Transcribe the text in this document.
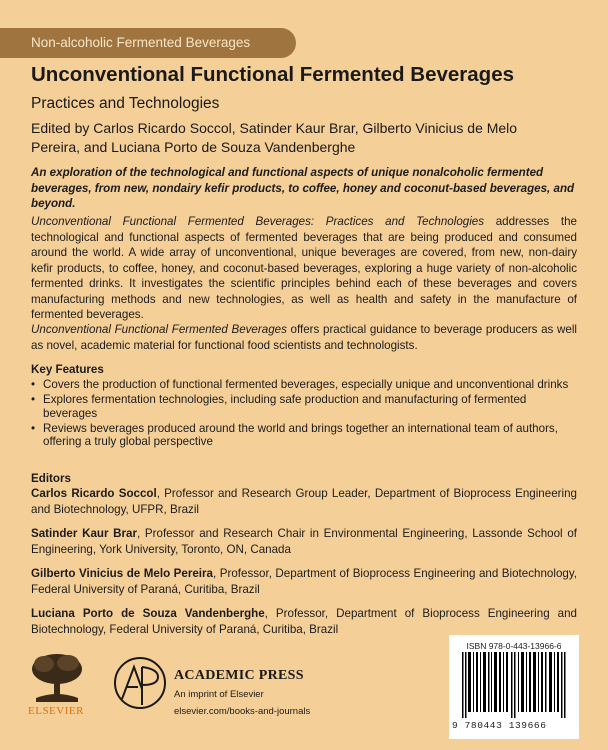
Non-alcoholic Fermented Beverages
Unconventional Functional Fermented Beverages
Practices and Technologies
Edited by Carlos Ricardo Soccol, Satinder Kaur Brar, Gilberto Vinicius de Melo Pereira, and Luciana Porto de Souza Vandenberghe
An exploration of the technological and functional aspects of unique nonalcoholic fermented beverages, from new, nondairy kefir products, to coffee, honey and coconut-based beverages, and beyond.
Unconventional Functional Fermented Beverages: Practices and Technologies addresses the technological and functional aspects of fermented beverages that are being produced and consumed around the world. A wide array of unconventional, unique beverages are covered, from new, non-dairy kefir products, to coffee, honey, and coconut-based beverages, exploring a huge variety of non-alcoholic fermented drinks. It investigates the scientific principles behind each of these beverages and covers manufacturing methods and new technologies, as well as health and safety in the manufacture of fermented beverages.
Unconventional Functional Fermented Beverages offers practical guidance to beverage producers as well as novel, academic material for functional food scientists and technologists.
Key Features
• Covers the production of functional fermented beverages, especially unique and unconventional drinks
• Explores fermentation technologies, including safe production and manufacturing of fermented beverages
• Reviews beverages produced around the world and brings together an international team of authors, offering a truly global perspective
Editors
Carlos Ricardo Soccol, Professor and Research Group Leader, Department of Bioprocess Engineering and Biotechnology, UFPR, Brazil
Satinder Kaur Brar, Professor and Research Chair in Environmental Engineering, Lassonde School of Engineering, York University, Toronto, ON, Canada
Gilberto Vinicius de Melo Pereira, Professor, Department of Bioprocess Engineering and Biotechnology, Federal University of Paraná, Curitiba, Brazil
Luciana Porto de Souza Vandenberghe, Professor, Department of Bioprocess Engineering and Biotechnology, Federal University of Paraná, Curitiba, Brazil
ELSEVIER
ACADEMIC PRESS
An imprint of Elsevier
elsevier.com/books-and-journals
ISBN 978-0-443-13966-6
9 780443 139666
